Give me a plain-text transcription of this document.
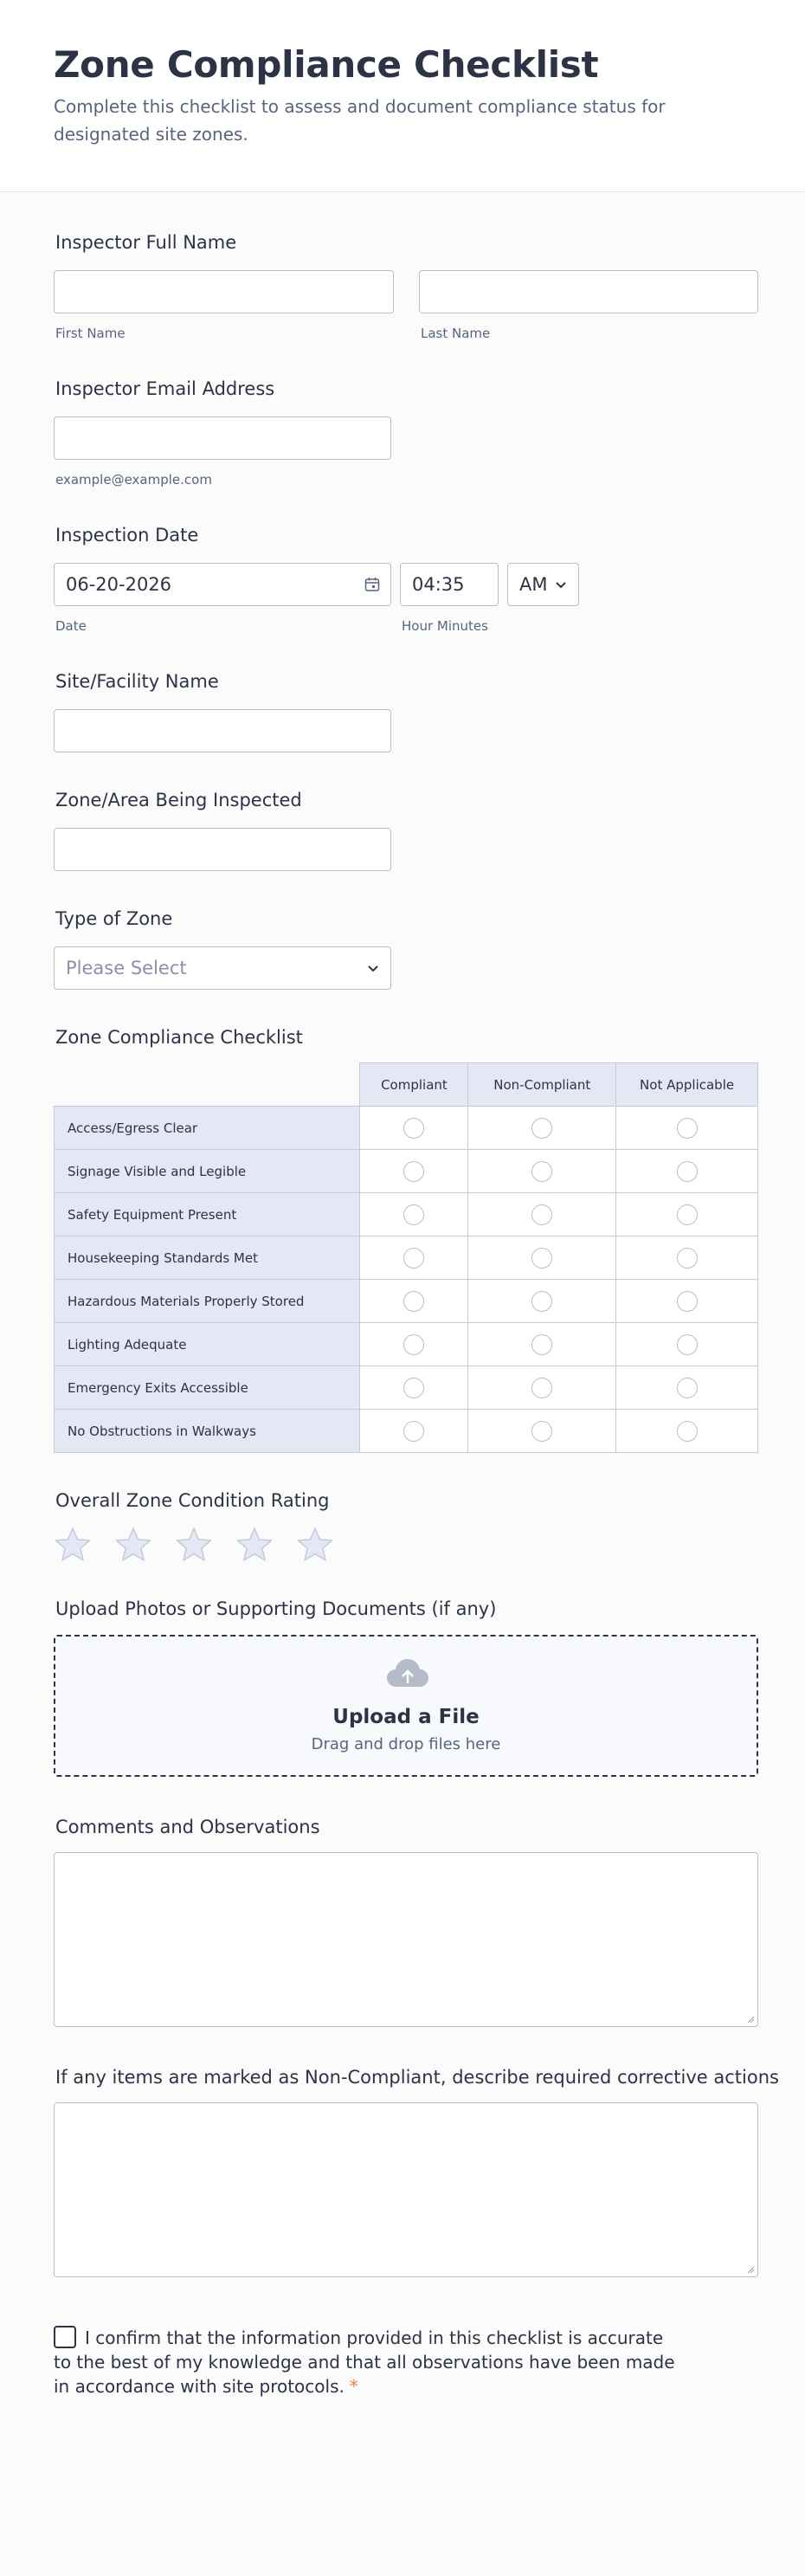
Zone Compliance Checklist
Complete this checklist to assess and document compliance status for designated site zones.
Inspector Full Name
First Name	Last Name
Inspector Email Address
example@example.com
Inspection Date
06-20-2026	04:35	AM
Date	Hour Minutes
Site/Facility Name
Zone/Area Being Inspected
Type of Zone
Please Select
Zone Compliance Checklist
	Compliant	Non-Compliant	Not Applicable
Access/Egress Clear			
Signage Visible and Legible			
Safety Equipment Present			
Housekeeping Standards Met			
Hazardous Materials Properly Stored			
Lighting Adequate			
Emergency Exits Accessible			
No Obstructions in Walkways			
Overall Zone Condition Rating
Upload Photos or Supporting Documents (if any)
Upload a File
Drag and drop files here
Comments and Observations
If any items are marked as Non-Compliant, describe required corrective actions
I confirm that the information provided in this checklist is accurate to the best of my knowledge and that all observations have been made in accordance with site protocols. *
